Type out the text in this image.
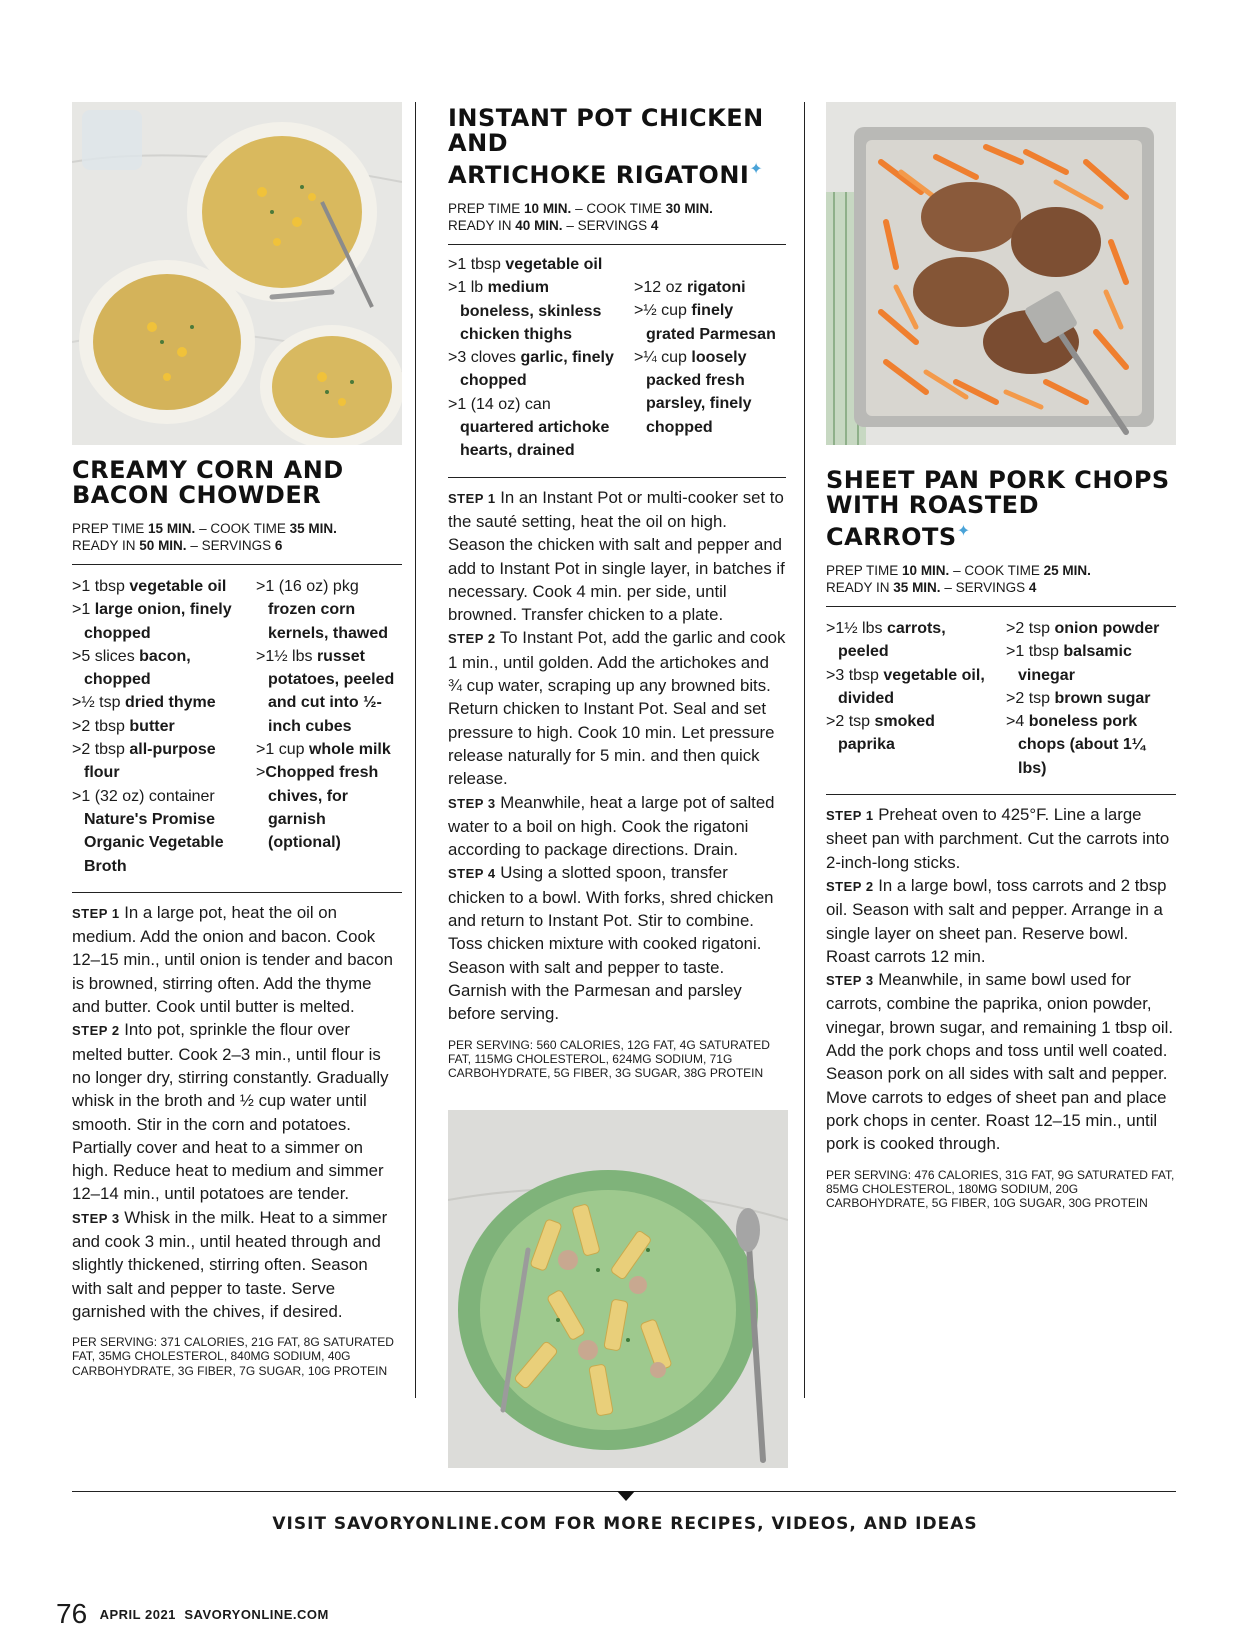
CREAMY CORN AND
BACON CHOWDER
PREP TIME 15 MIN. – COOK TIME 35 MIN.
READY IN 50 MIN. – SERVINGS 6
>1 tbsp vegetable oil
>1 large onion, finely chopped
>5 slices bacon, chopped
>½ tsp dried thyme
>2 tbsp butter
>2 tbsp all-purpose flour
>1 (32 oz) container Nature's Promise Organic Vegetable Broth
>1 (16 oz) pkg frozen corn kernels, thawed
>1½ lbs russet potatoes, peeled and cut into ½-inch cubes
>1 cup whole milk
>Chopped fresh chives, for garnish (optional)
STEP 1 In a large pot, heat the oil on medium. Add the onion and bacon. Cook 12–15 min., until onion is tender and bacon is browned, stirring often. Add the thyme and butter. Cook until butter is melted.
STEP 2 Into pot, sprinkle the flour over melted butter. Cook 2–3 min., until flour is no longer dry, stirring constantly. Gradually whisk in the broth and ½ cup water until smooth. Stir in the corn and potatoes. Partially cover and heat to a simmer on high. Reduce heat to medium and simmer 12–14 min., until potatoes are tender.
STEP 3 Whisk in the milk. Heat to a simmer and cook 3 min., until heated through and slightly thickened, stirring often. Season with salt and pepper to taste. Serve garnished with the chives, if desired.
PER SERVING: 371 CALORIES, 21G FAT, 8G SATURATED FAT, 35MG CHOLESTEROL, 840MG SODIUM, 40G CARBOHYDRATE, 3G FIBER, 7G SUGAR, 10G PROTEIN
INSTANT POT CHICKEN AND
ARTICHOKE RIGATONI✦
PREP TIME 10 MIN. – COOK TIME 30 MIN.
READY IN 40 MIN. – SERVINGS 4
>1 tbsp vegetable oil
>1 lb medium boneless, skinless chicken thighs
>3 cloves garlic, finely chopped
>1 (14 oz) can quartered artichoke hearts, drained
>12 oz rigatoni
>½ cup finely grated Parmesan
>¼ cup loosely packed fresh parsley, finely chopped
STEP 1 In an Instant Pot or multi-cooker set to the sauté setting, heat the oil on high. Season the chicken with salt and pepper and add to Instant Pot in single layer, in batches if necessary. Cook 4 min. per side, until browned. Transfer chicken to a plate.
STEP 2 To Instant Pot, add the garlic and cook 1 min., until golden. Add the artichokes and ¾ cup water, scraping up any browned bits. Return chicken to Instant Pot. Seal and set pressure to high. Cook 10 min. Let pressure release naturally for 5 min. and then quick release.
STEP 3 Meanwhile, heat a large pot of salted water to a boil on high. Cook the rigatoni according to package directions. Drain.
STEP 4 Using a slotted spoon, transfer chicken to a bowl. With forks, shred chicken and return to Instant Pot. Stir to combine. Toss chicken mixture with cooked rigatoni. Season with salt and pepper to taste. Garnish with the Parmesan and parsley before serving.
PER SERVING: 560 CALORIES, 12G FAT, 4G SATURATED FAT, 115MG CHOLESTEROL, 624MG SODIUM, 71G CARBOHYDRATE, 5G FIBER, 3G SUGAR, 38G PROTEIN
SHEET PAN PORK CHOPS
WITH ROASTED CARROTS✦
PREP TIME 10 MIN. – COOK TIME 25 MIN.
READY IN 35 MIN. – SERVINGS 4
>1½ lbs carrots, peeled
>3 tbsp vegetable oil, divided
>2 tsp smoked paprika
>2 tsp onion powder
>1 tbsp balsamic vinegar
>2 tsp brown sugar
>4 boneless pork chops (about 1¼ lbs)
STEP 1 Preheat oven to 425°F. Line a large sheet pan with parchment. Cut the carrots into 2-inch-long sticks.
STEP 2 In a large bowl, toss carrots and 2 tbsp oil. Season with salt and pepper. Arrange in a single layer on sheet pan. Reserve bowl. Roast carrots 12 min.
STEP 3 Meanwhile, in same bowl used for carrots, combine the paprika, onion powder, vinegar, brown sugar, and remaining 1 tbsp oil. Add the pork chops and toss until well coated. Season pork on all sides with salt and pepper. Move carrots to edges of sheet pan and place pork chops in center. Roast 12–15 min., until pork is cooked through.
PER SERVING: 476 CALORIES, 31G FAT, 9G SATURATED FAT, 85MG CHOLESTEROL, 180MG SODIUM, 20G CARBOHYDRATE, 5G FIBER, 10G SUGAR, 30G PROTEIN
VISIT SAVORYONLINE.COM FOR MORE RECIPES, VIDEOS, AND IDEAS
76 APRIL 2021 SAVORYONLINE.COM
